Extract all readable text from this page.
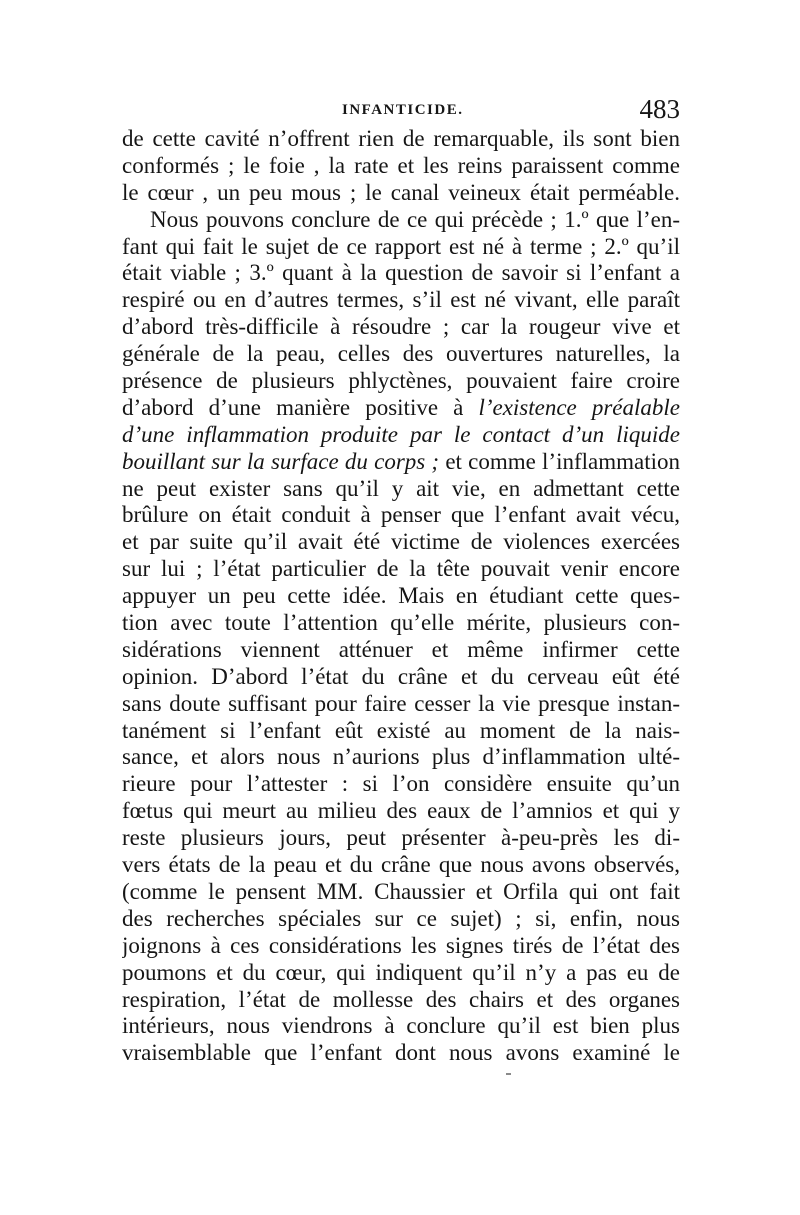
INFANTICIDE.	483
de cette cavité n’offrent rien de remarquable, ils sont bien
conformés ; le foie , la rate et les reins paraissent comme
le cœur , un peu mous ; le canal veineux était perméable.
Nous pouvons conclure de ce qui précède ; 1.º que l’en-
fant qui fait le sujet de ce rapport est né à terme ; 2.º qu’il
était viable ; 3.º quant à la question de savoir si l’enfant a
respiré ou en d’autres termes, s’il est né vivant, elle paraît
d’abord très-difficile à résoudre ; car la rougeur vive et
générale de la peau, celles des ouvertures naturelles, la
présence de plusieurs phlyctènes, pouvaient faire croire
d’abord d’une manière positive à l’existence préalable
d’une inflammation produite par le contact d’un liquide
bouillant sur la surface du corps ; et comme l’inflammation
ne peut exister sans qu’il y ait vie, en admettant cette
brûlure on était conduit à penser que l’enfant avait vécu,
et par suite qu’il avait été victime de violences exercées
sur lui ; l’état particulier de la tête pouvait venir encore
appuyer un peu cette idée. Mais en étudiant cette ques-
tion avec toute l’attention qu’elle mérite, plusieurs con-
sidérations viennent atténuer et même infirmer cette
opinion. D’abord l’état du crâne et du cerveau eût été
sans doute suffisant pour faire cesser la vie presque instan-
tanément si l’enfant eût existé au moment de la nais-
sance, et alors nous n’aurions plus d’inflammation ulté-
rieure pour l’attester : si l’on considère ensuite qu’un
fœtus qui meurt au milieu des eaux de l’amnios et qui y
reste plusieurs jours, peut présenter à-peu-près les di-
vers états de la peau et du crâne que nous avons observés,
(comme le pensent MM. Chaussier et Orfila qui ont fait
des recherches spéciales sur ce sujet) ; si, enfin, nous
joignons à ces considérations les signes tirés de l’état des
poumons et du cœur, qui indiquent qu’il n’y a pas eu de
respiration, l’état de mollesse des chairs et des organes
intérieurs, nous viendrons à conclure qu’il est bien plus
vraisemblable que l’enfant dont nous avons examiné le
